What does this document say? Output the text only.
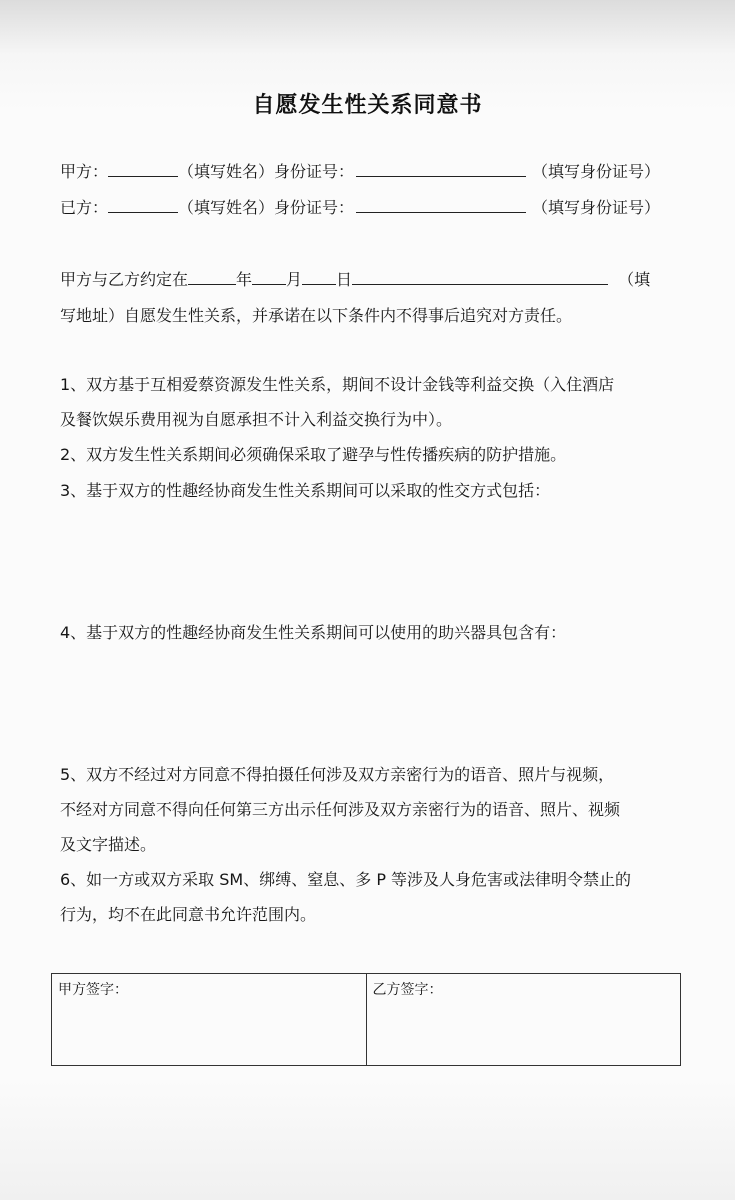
自愿发生性关系同意书
甲方：	（填写姓名）身份证号：	（填写身份证号）
已方：	（填写姓名）身份证号：	（填写身份证号）
甲方与乙方约定在	年 月 日	（填
写地址）自愿发生性关系，并承诺在以下条件内不得事后追究对方责任。
1、双方基于互相爱蔡资源发生性关系，期间不设计金钱等利益交换（入住酒店
及餐饮娱乐费用视为自愿承担不计入利益交换行为中）。
2、双方发生性关系期间必须确保采取了避孕与性传播疾病的防护措施。
3、基于双方的性趣经协商发生性关系期间可以采取的性交方式包括：
4、基于双方的性趣经协商发生性关系期间可以使用的助兴器具包含有：
5、双方不经过对方同意不得拍摄任何涉及双方亲密行为的语音、照片与视频，
不经对方同意不得向任何第三方出示任何涉及双方亲密行为的语音、照片、视频
及文字描述。
6、如一方或双方采取 SM、绑缚、窒息、多 P 等涉及人身危害或法律明令禁止的
行为，均不在此同意书允许范围内。
甲方签字：	乙方签字：
